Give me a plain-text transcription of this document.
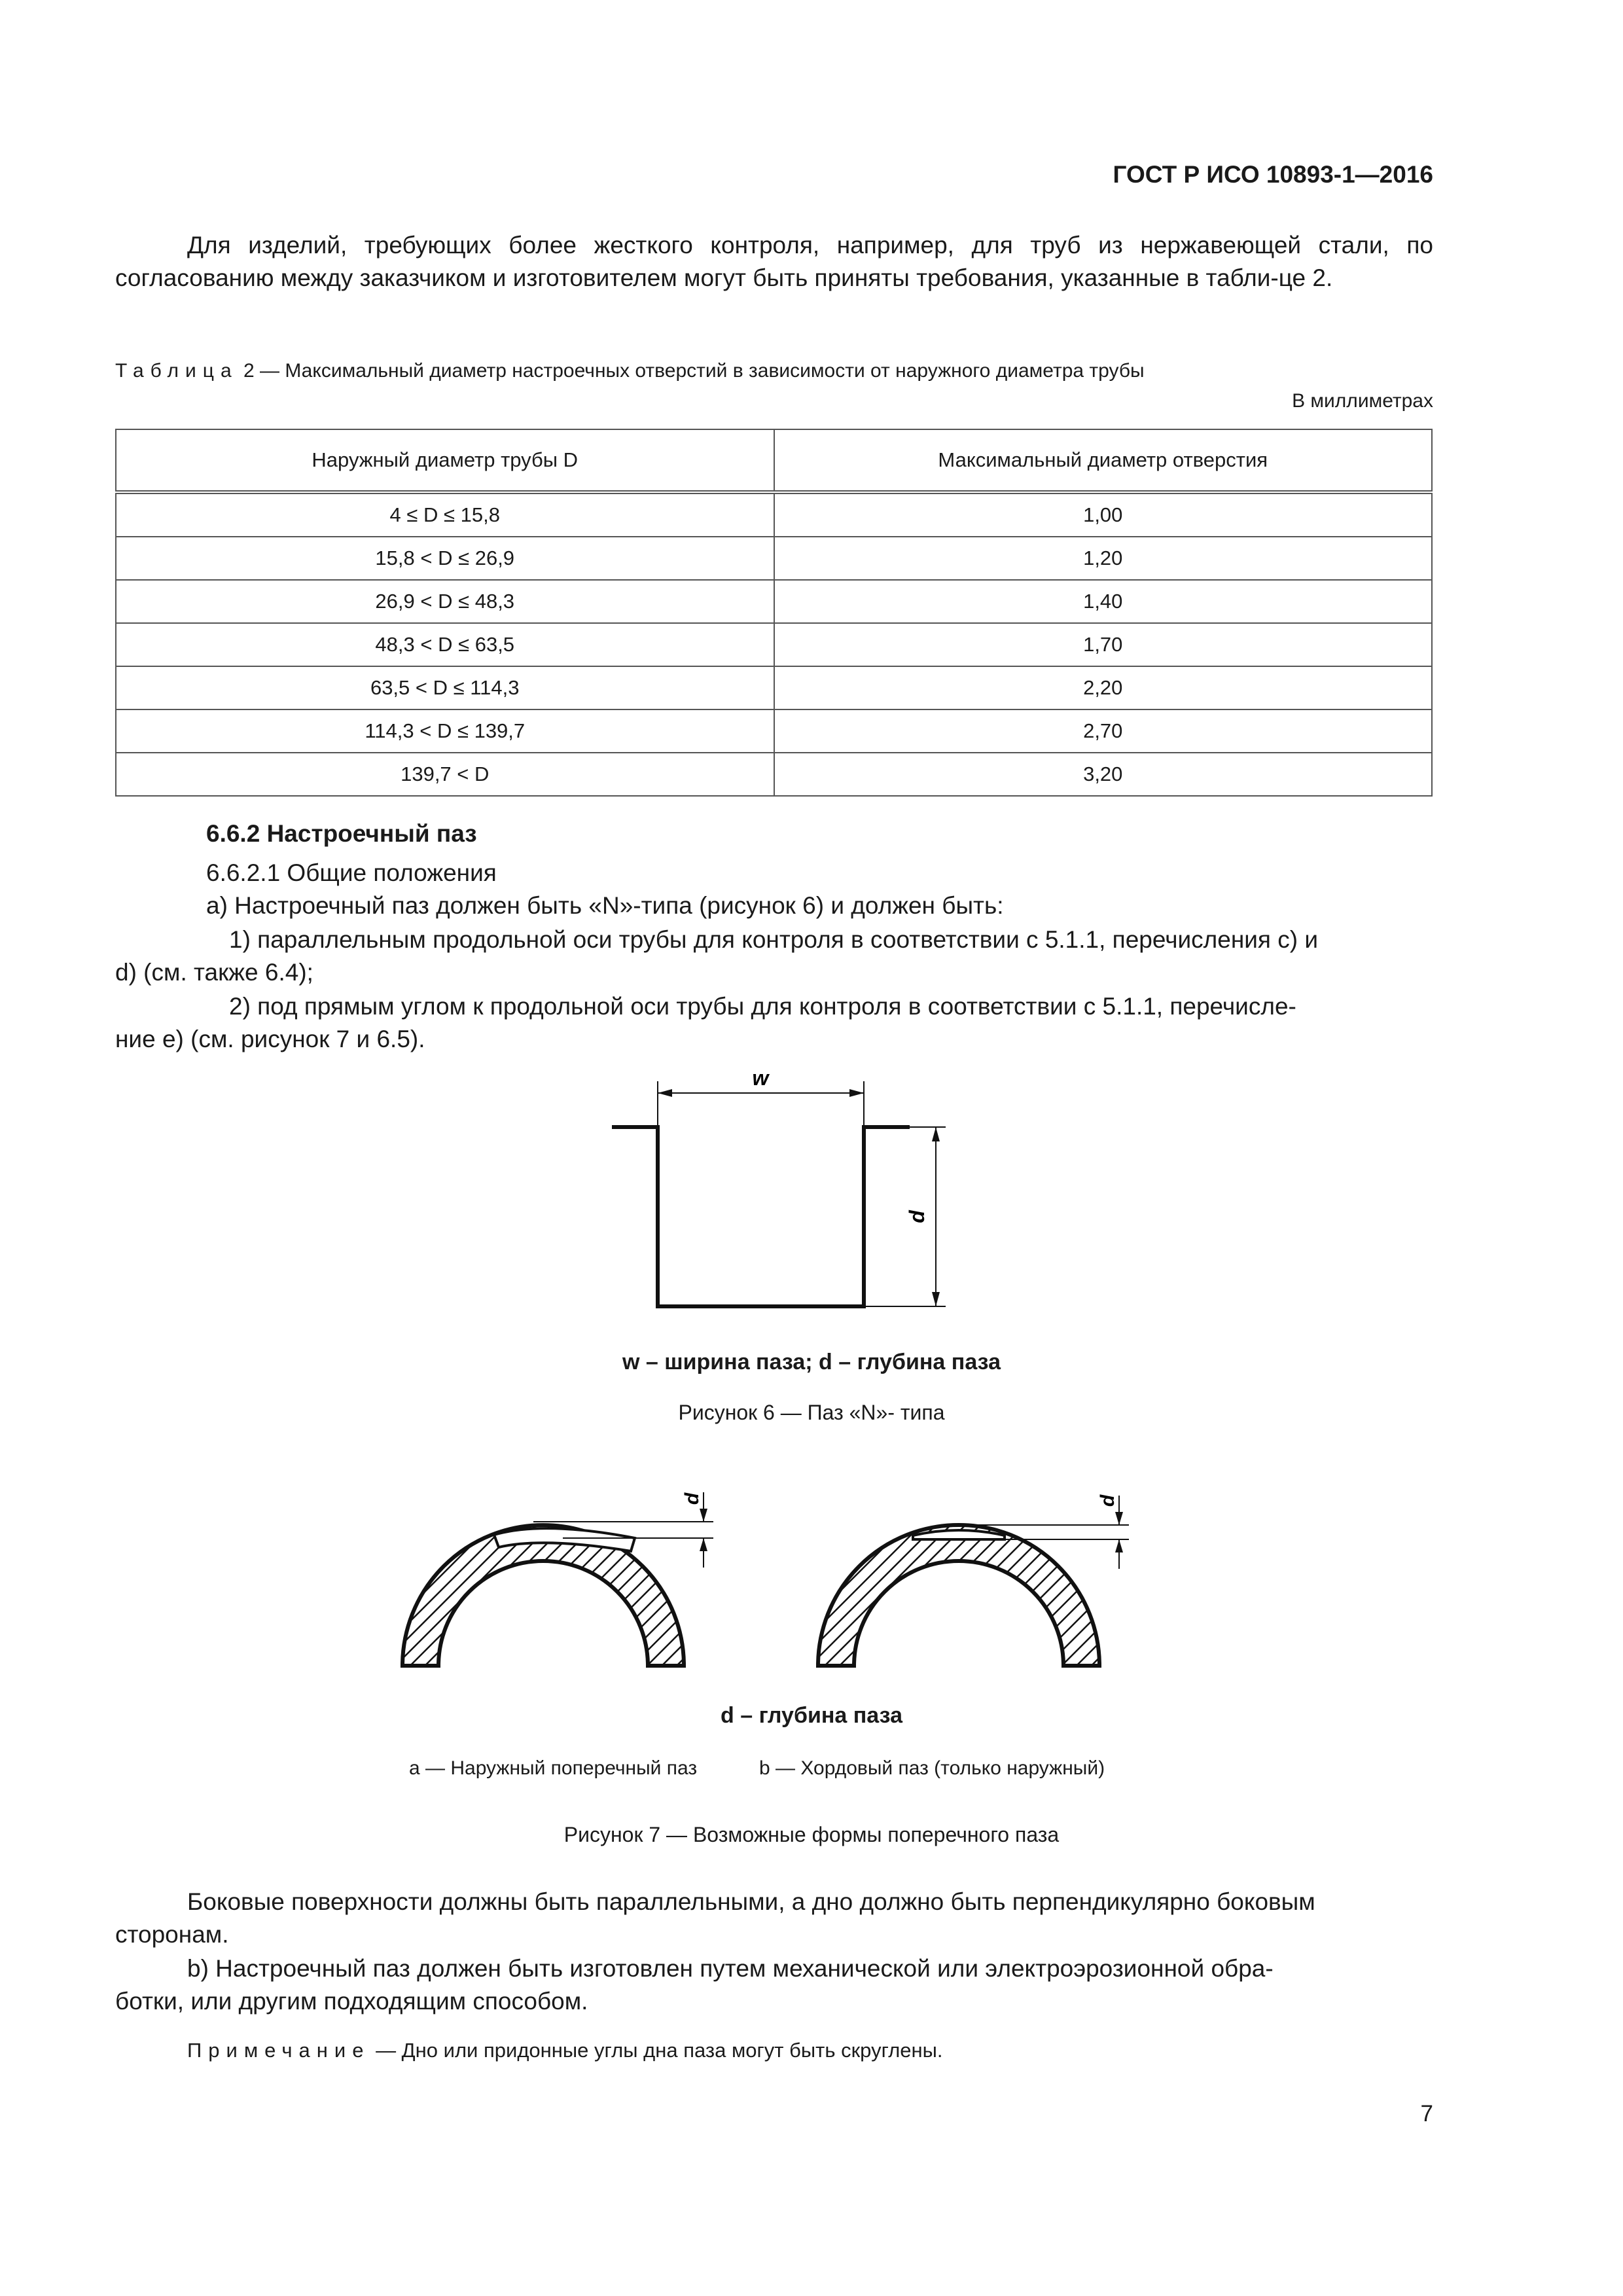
ГОСТ Р ИСО 10893-1—2016

Для изделий, требующих более жесткого контроля, например, для труб из нержавеющей стали, по согласованию между заказчиком и изготовителем могут быть приняты требования, указанные в табли-це 2.

Таблица 2 — Максимальный диаметр настроечных отверстий в зависимости от наружного диаметра трубы
В миллиметрах
Наружный диаметр трубы D	Максимальный диаметр отверстия
4 ≤ D ≤ 15,8	1,00
15,8 < D ≤ 26,9	1,20
26,9 < D ≤ 48,3	1,40
48,3 < D ≤ 63,5	1,70
63,5 < D ≤ 114,3	2,20
114,3 < D ≤ 139,7	2,70
139,7 < D	3,20
6.6.2 Настроечный паз
6.6.2.1 Общие положения
а) Настроечный паз должен быть «N»-типа (рисунок 6) и должен быть:
1) параллельным продольной оси трубы для контроля в соответствии с 5.1.1, перечисления с) и
d) (см. также 6.4);
2) под прямым углом к продольной оси трубы для контроля в соответствии с 5.1.1, перечисле-
ние е) (см. рисунок 7 и 6.5).
w
d
w – ширина паза; d – глубина паза
Рисунок 6 — Паз «N»- типа
d	d
d – глубина паза
а — Наружный поперечный паз	b — Хордовый паз (только наружный)
Рисунок 7 — Возможные формы поперечного паза
Боковые поверхности должны быть параллельными, а дно должно быть перпендикулярно боковым
сторонам.
b) Настроечный паз должен быть изготовлен путем механической или электроэрозионной обра-
ботки, или другим подходящим способом.
Примечание — Дно или придонные углы дна паза могут быть скруглены.
7
